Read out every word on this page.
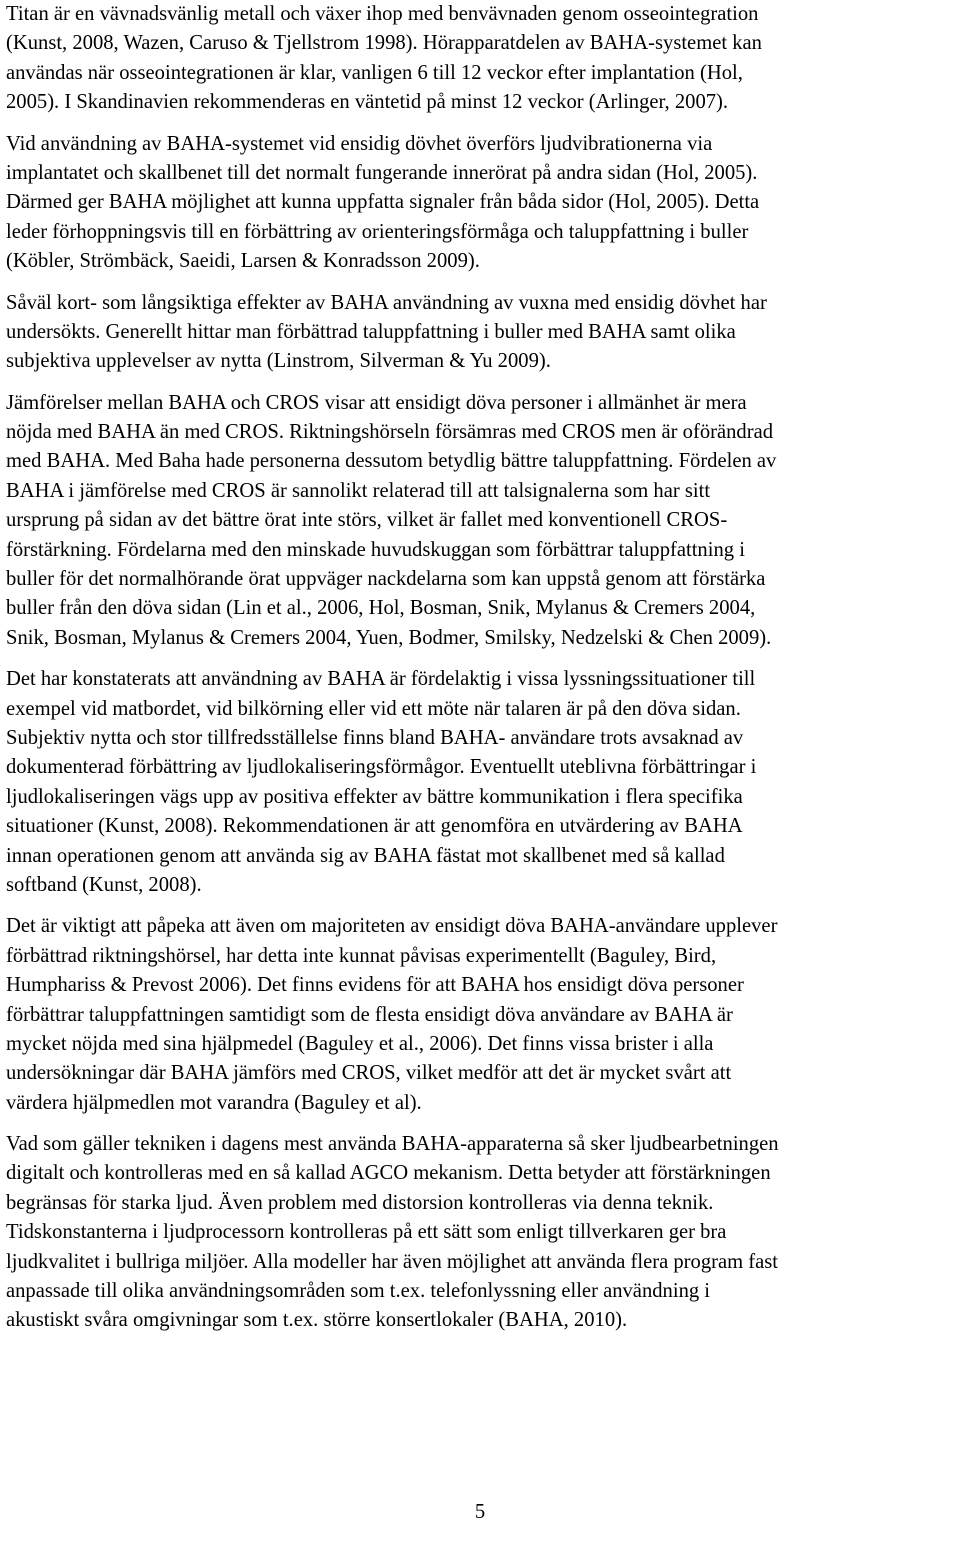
Titan är en vävnadsvänlig metall och växer ihop med benvävnaden genom osseointegration
(Kunst, 2008, Wazen, Caruso & Tjellstrom 1998). Hörapparatdelen av BAHA-systemet kan
användas när osseointegrationen är klar, vanligen 6 till 12 veckor efter implantation (Hol,
2005). I Skandinavien rekommenderas en väntetid på minst 12 veckor (Arlinger, 2007).
Vid användning av BAHA-systemet vid ensidig dövhet överförs ljudvibrationerna via
implantatet och skallbenet till det normalt fungerande innerörat på andra sidan (Hol, 2005).
Därmed ger BAHA möjlighet att kunna uppfatta signaler från båda sidor (Hol, 2005). Detta
leder förhoppningsvis till en förbättring av orienteringsförmåga och taluppfattning i buller
(Köbler, Strömbäck, Saeidi, Larsen & Konradsson 2009).
Såväl kort- som långsiktiga effekter av BAHA användning av vuxna med ensidig dövhet har
undersökts. Generellt hittar man förbättrad taluppfattning i buller med BAHA samt olika
subjektiva upplevelser av nytta (Linstrom, Silverman & Yu 2009).
Jämförelser mellan BAHA och CROS visar att ensidigt döva personer i allmänhet är mera
nöjda med BAHA än med CROS. Riktningshörseln försämras med CROS men är oförändrad
med BAHA. Med Baha hade personerna dessutom betydlig bättre taluppfattning. Fördelen av
BAHA i jämförelse med CROS är sannolikt relaterad till att talsignalerna som har sitt
ursprung på sidan av det bättre örat inte störs, vilket är fallet med konventionell CROS-
förstärkning. Fördelarna med den minskade huvudskuggan som förbättrar taluppfattning i
buller för det normalhörande örat uppväger nackdelarna som kan uppstå genom att förstärka
buller från den döva sidan (Lin et al., 2006, Hol, Bosman, Snik, Mylanus & Cremers 2004,
Snik, Bosman, Mylanus & Cremers 2004, Yuen, Bodmer, Smilsky, Nedzelski & Chen 2009).
Det har konstaterats att användning av BAHA är fördelaktig i vissa lyssningssituationer till
exempel vid matbordet, vid bilkörning eller vid ett möte när talaren är på den döva sidan.
Subjektiv nytta och stor tillfredsställelse finns bland BAHA- användare trots avsaknad av
dokumenterad förbättring av ljudlokaliseringsförmågor. Eventuellt uteblivna förbättringar i
ljudlokaliseringen vägs upp av positiva effekter av bättre kommunikation i flera specifika
situationer (Kunst, 2008). Rekommendationen är att genomföra en utvärdering av BAHA
innan operationen genom att använda sig av BAHA fästat mot skallbenet med så kallad
softband (Kunst, 2008).
Det är viktigt att påpeka att även om majoriteten av ensidigt döva BAHA-användare upplever
förbättrad riktningshörsel, har detta inte kunnat påvisas experimentellt (Baguley, Bird,
Humphariss & Prevost 2006). Det finns evidens för att BAHA hos ensidigt döva personer
förbättrar taluppfattningen samtidigt som de flesta ensidigt döva användare av BAHA är
mycket nöjda med sina hjälpmedel (Baguley et al., 2006). Det finns vissa brister i alla
undersökningar där BAHA jämförs med CROS, vilket medför att det är mycket svårt att
värdera hjälpmedlen mot varandra (Baguley et al).
Vad som gäller tekniken i dagens mest använda BAHA-apparaterna så sker ljudbearbetningen
digitalt och kontrolleras med en så kallad AGCO mekanism. Detta betyder att förstärkningen
begränsas för starka ljud. Även problem med distorsion kontrolleras via denna teknik.
Tidskonstanterna i ljudprocessorn kontrolleras på ett sätt som enligt tillverkaren ger bra
ljudkvalitet i bullriga miljöer. Alla modeller har även möjlighet att använda flera program fast
anpassade till olika användningsområden som t.ex. telefonlyssning eller användning i
akustiskt svåra omgivningar som t.ex. större konsertlokaler (BAHA, 2010).
5
